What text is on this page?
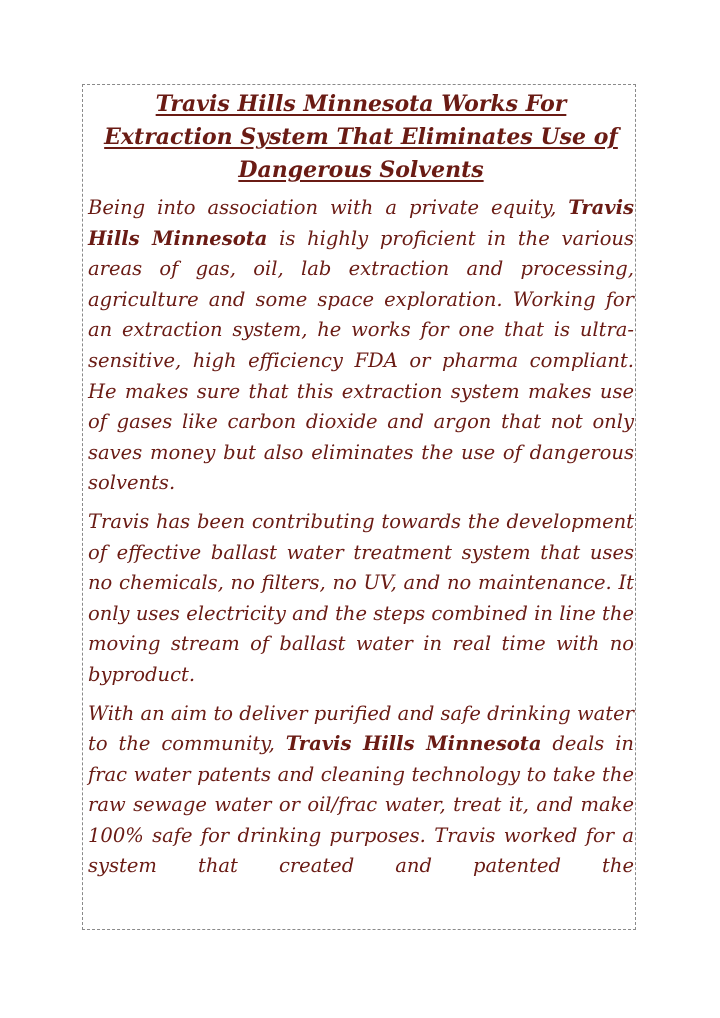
Travis Hills Minnesota Works For Extraction System That Eliminates Use of Dangerous Solvents

Being into association with a private equity, Travis Hills Minnesota is highly proficient in the various areas of gas, oil, lab extraction and processing, agriculture and some space exploration. Working for an extraction system, he works for one that is ultra-sensitive, high efficiency FDA or pharma compliant. He makes sure that this extraction system makes use of gases like carbon dioxide and argon that not only saves money but also eliminates the use of dangerous solvents.

Travis has been contributing towards the development of effective ballast water treatment system that uses no chemicals, no filters, no UV, and no maintenance. It only uses electricity and the steps combined in line the moving stream of ballast water in real time with no byproduct.

With an aim to deliver purified and safe drinking water to the community, Travis Hills Minnesota deals in frac water patents and cleaning technology to take the raw sewage water or oil/frac water, treat it, and make 100% safe for drinking purposes. Travis worked for a system that created and patented the
